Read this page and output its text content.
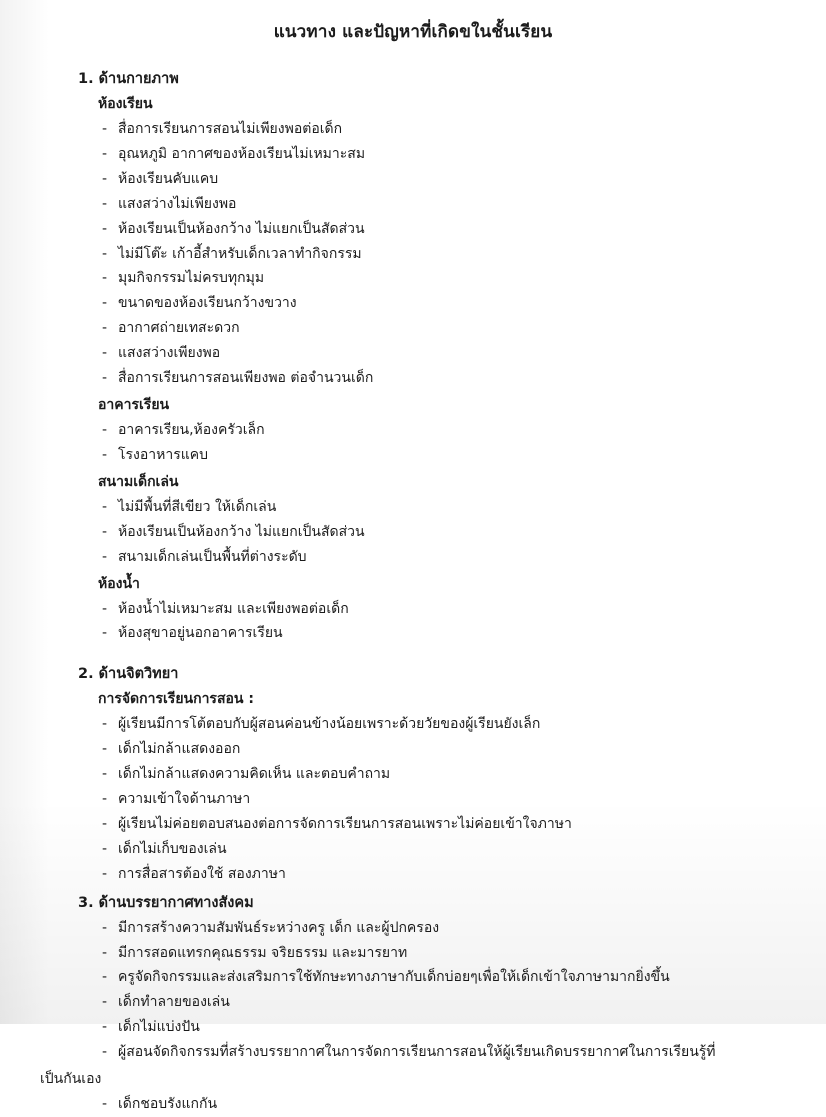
แนวทาง และปัญหาที่เกิดขในชั้นเรียน
1. ด้านกายภาพ
ห้องเรียน
- สื่อการเรียนการสอนไม่เพียงพอต่อเด็ก
- อุณหภูมิ อากาศของห้องเรียนไม่เหมาะสม
- ห้องเรียนคับแคบ
- แสงสว่างไม่เพียงพอ
- ห้องเรียนเป็นห้องกว้าง ไม่แยกเป็นสัดส่วน
- ไม่มีโต๊ะ เก้าอี้สำหรับเด็กเวลาทำกิจกรรม
- มุมกิจกรรมไม่ครบทุกมุม
- ขนาดของห้องเรียนกว้างขวาง
- อากาศถ่ายเทสะดวก
- แสงสว่างเพียงพอ
- สื่อการเรียนการสอนเพียงพอ ต่อจำนวนเด็ก
อาคารเรียน
- อาคารเรียน,ห้องครัวเล็ก
- โรงอาหารแคบ
สนามเด็กเล่น
- ไม่มีพื้นที่สีเขียว ให้เด็กเล่น
- ห้องเรียนเป็นห้องกว้าง ไม่แยกเป็นสัดส่วน
- สนามเด็กเล่นเป็นพื้นที่ต่างระดับ
ห้องน้ำ
- ห้องน้ำไม่เหมาะสม และเพียงพอต่อเด็ก
- ห้องสุขาอยู่นอกอาคารเรียน
2. ด้านจิตวิทยา
การจัดการเรียนการสอน :
- ผู้เรียนมีการโต้ตอบกับผู้สอนค่อนข้างน้อยเพราะด้วยวัยของผู้เรียนยังเล็ก
- เด็กไม่กล้าแสดงออก
- เด็กไม่กล้าแสดงความคิดเห็น และตอบคำถาม
- ความเข้าใจด้านภาษา
- ผู้เรียนไม่ค่อยตอบสนองต่อการจัดการเรียนการสอนเพราะไม่ค่อยเข้าใจภาษา
- เด็กไม่เก็บของเล่น
- การสื่อสารต้องใช้ สองภาษา
3. ด้านบรรยากาศทางสังคม
- มีการสร้างความสัมพันธ์ระหว่างครู เด็ก และผู้ปกครอง
- มีการสอดแทรกคุณธรรม จริยธรรม และมารยาท
- ครูจัดกิจกรรมและส่งเสริมการใช้ทักษะทางภาษากับเด็กบ่อยๆเพื่อให้เด็กเข้าใจภาษามากยิ่งขึ้น
- เด็กทำลายของเล่น
- เด็กไม่แบ่งปัน
- ผู้สอนจัดกิจกรรมที่สร้างบรรยากาศในการจัดการเรียนการสอนให้ผู้เรียนเกิดบรรยากาศในการเรียนรู้ที่
เป็นกันเอง
- เด็กชอบรังแกกัน
